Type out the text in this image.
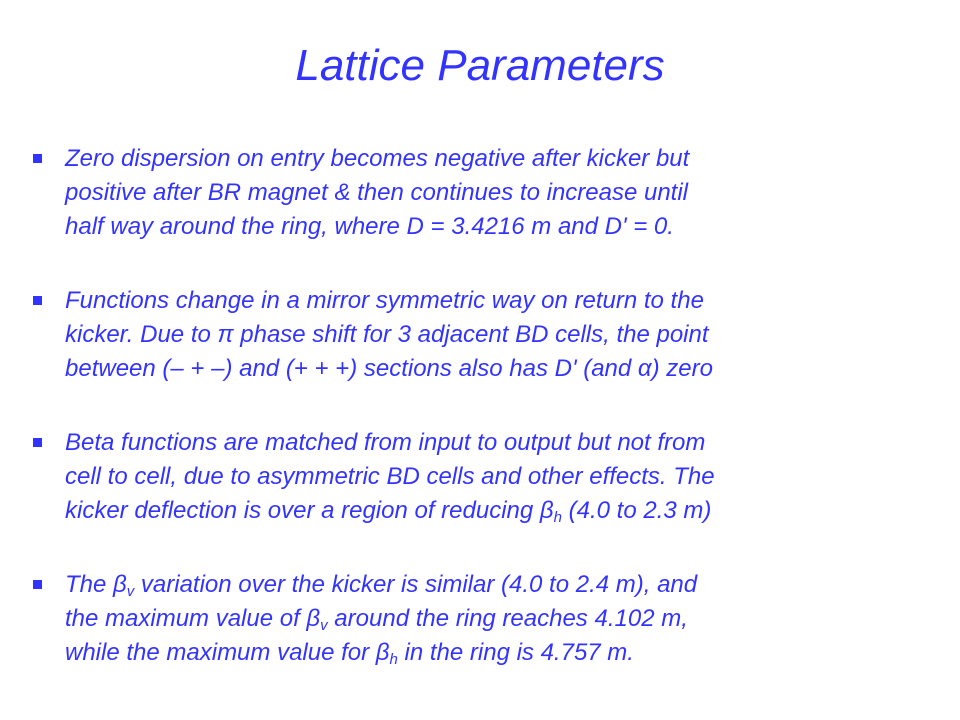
Lattice Parameters

Zero dispersion on entry becomes negative after kicker but
positive after BR magnet & then continues to increase until
half way around the ring, where D = 3.4216 m and D' = 0.

Functions change in a mirror symmetric way on return to the
kicker. Due to π phase shift for 3 adjacent BD cells, the point
between (– + –) and (+ + +) sections also has D' (and α) zero

Beta functions are matched from input to output but not from
cell to cell, due to asymmetric BD cells and other effects. The
kicker deflection is over a region of reducing $\beta_h$ (4.0 to 2.3 m)

The $\beta_v$ variation over the kicker is similar (4.0 to 2.4 m), and
the maximum value of $\beta_v$ around the ring reaches 4.102 m,
while the maximum value for $\beta_h$ in the ring is 4.757 m.
